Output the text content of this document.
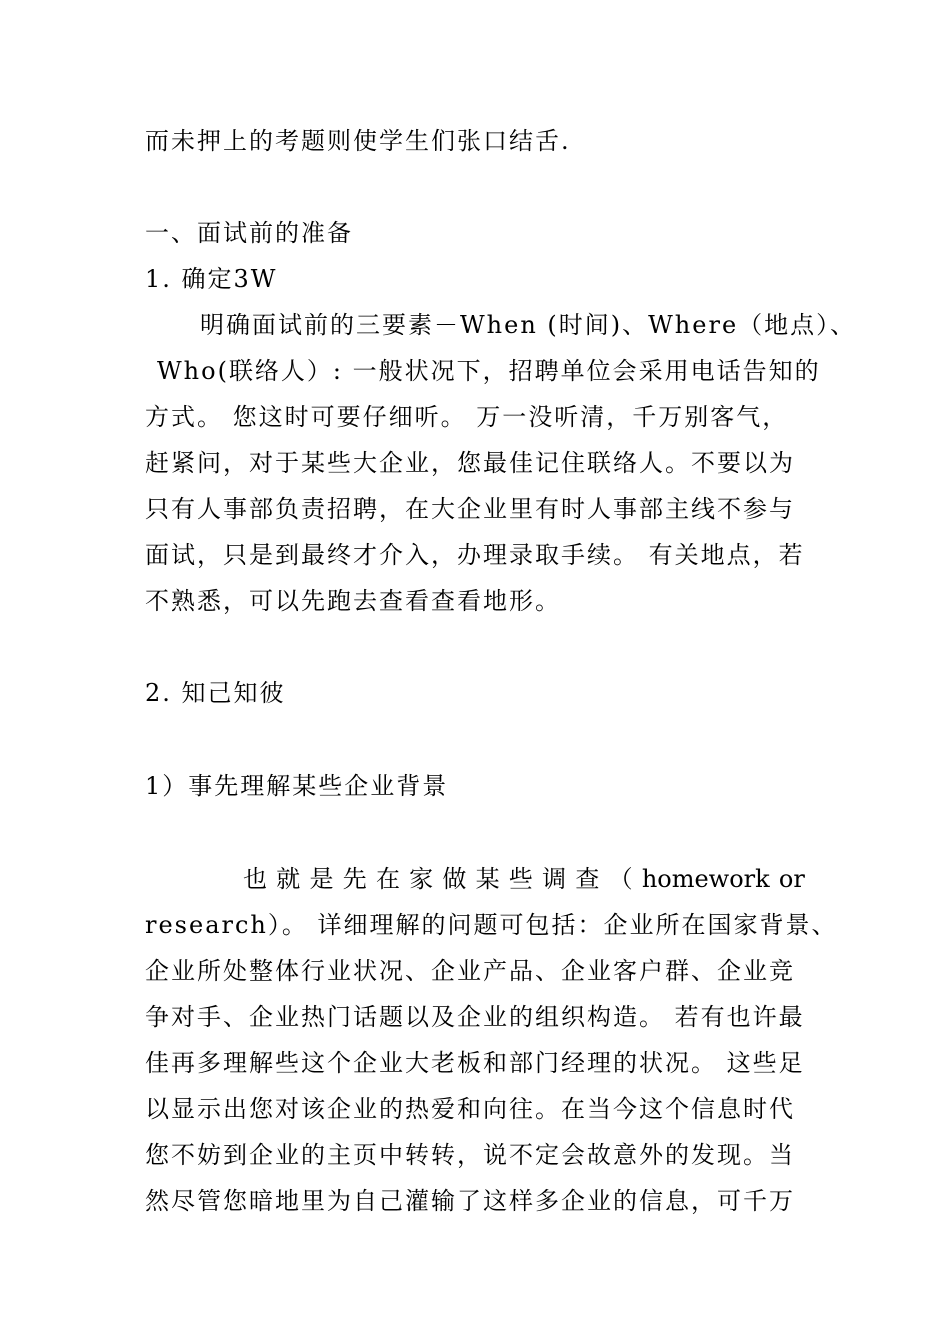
而未押上的考题则使学生们张口结舌.
一、面试前的准备
1. 确定3W
明确面试前的三要素－When (时间)、Where（地点）、
Who(联络人）: 一般状况下，招聘单位会采用电话告知的
方式。 您这时可要仔细听。 万一没听清，千万别客气，
赶紧问，对于某些大企业，您最佳记住联络人。不要以为
只有人事部负责招聘，在大企业里有时人事部主线不参与
面试，只是到最终才介入，办理录取手续。 有关地点，若
不熟悉，可以先跑去查看查看地形。
2. 知己知彼
1）事先理解某些企业背景
也 就 是 先 在 家 做 某 些 调 查 （ homework or
research）。 详细理解的问题可包括：企业所在国家背景、
企业所处整体行业状况、企业产品、企业客户群、企业竞
争对手、企业热门话题以及企业的组织构造。 若有也许最
佳再多理解些这个企业大老板和部门经理的状况。 这些足
以显示出您对该企业的热爱和向往。在当今这个信息时代
您不妨到企业的主页中转转，说不定会故意外的发现。当
然尽管您暗地里为自己灌输了这样多企业的信息，可千万
